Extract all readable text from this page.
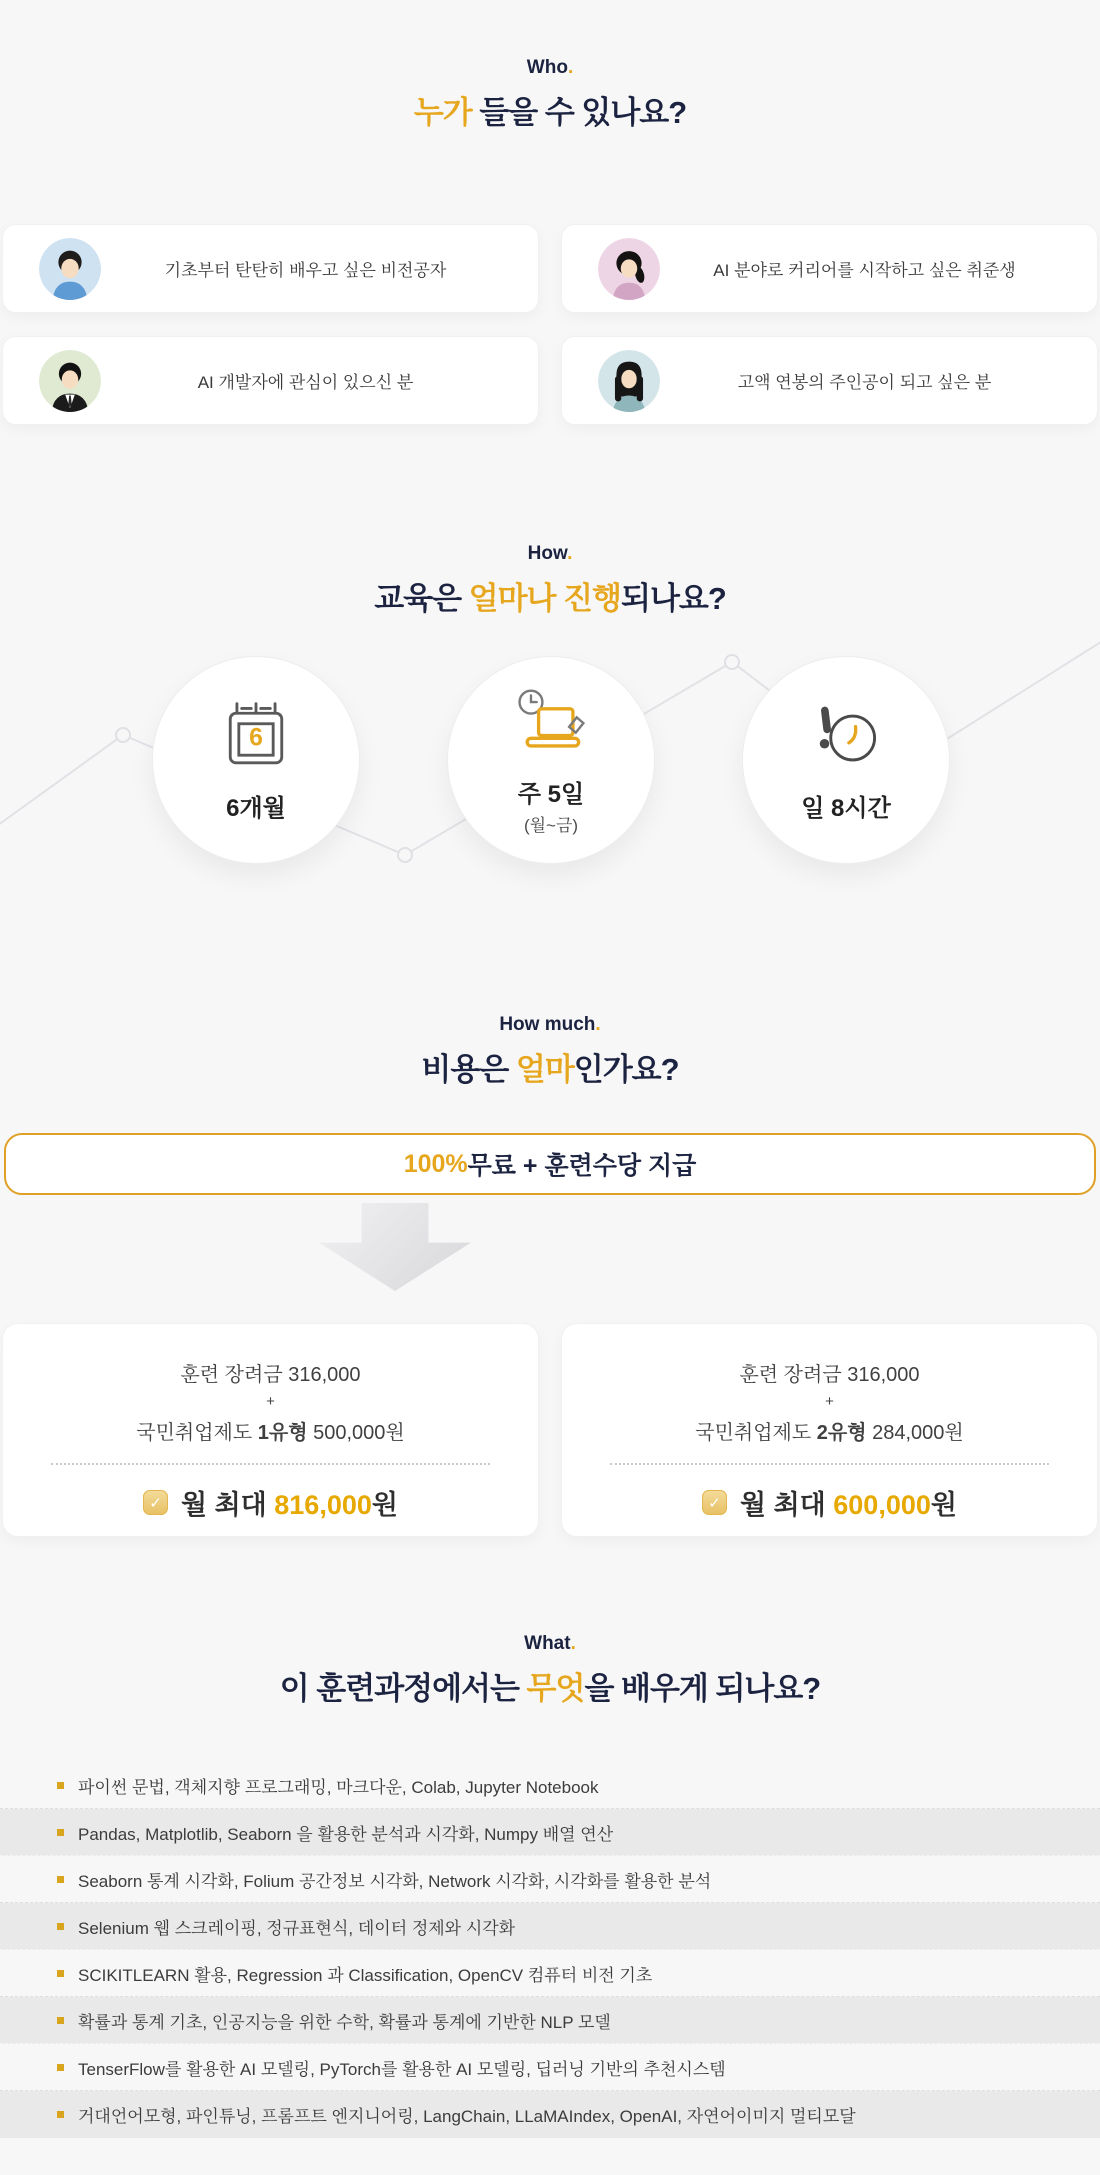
Who.
누가 들을 수 있나요?
기초부터 탄탄히 배우고 싶은 비전공자	AI 분야로 커리어를 시작하고 싶은 취준생
AI 개발자에 관심이 있으신 분	고액 연봉의 주인공이 되고 싶은 분
How.
교육은 얼마나 진행되나요?
6
6개월	주 5일
(월~금)
일 8시간
How much.
비용은 얼마인가요?
100% 무료 + 훈련수당 지급
훈련 장려금 316,000
+
국민취업제도 1유형 500,000원
✓ 월 최대 816,000원
훈련 장려금 316,000
+
국민취업제도 2유형 284,000원
✓ 월 최대 600,000원
What.
이 훈련과정에서는 무엇을 배우게 되나요?
파이썬 문법, 객체지향 프로그래밍, 마크다운, Colab, Jupyter Notebook
Pandas, Matplotlib, Seaborn 을 활용한 분석과 시각화, Numpy 배열 연산
Seaborn 통계 시각화, Folium 공간정보 시각화, Network 시각화, 시각화를 활용한 분석
Selenium 웹 스크레이핑, 정규표현식, 데이터 정제와 시각화
SCIKITLEARN 활용, Regression 과 Classification, OpenCV 컴퓨터 비전 기초
확률과 통계 기초, 인공지능을 위한 수학, 확률과 통계에 기반한 NLP 모델
TenserFlow를 활용한 AI 모델링, PyTorch를 활용한 AI 모델링, 딥러닝 기반의 추천시스템
거대언어모형, 파인튜닝, 프롬프트 엔지니어링, LangChain, LLaMAIndex, OpenAI, 자연어이미지 멀티모달
